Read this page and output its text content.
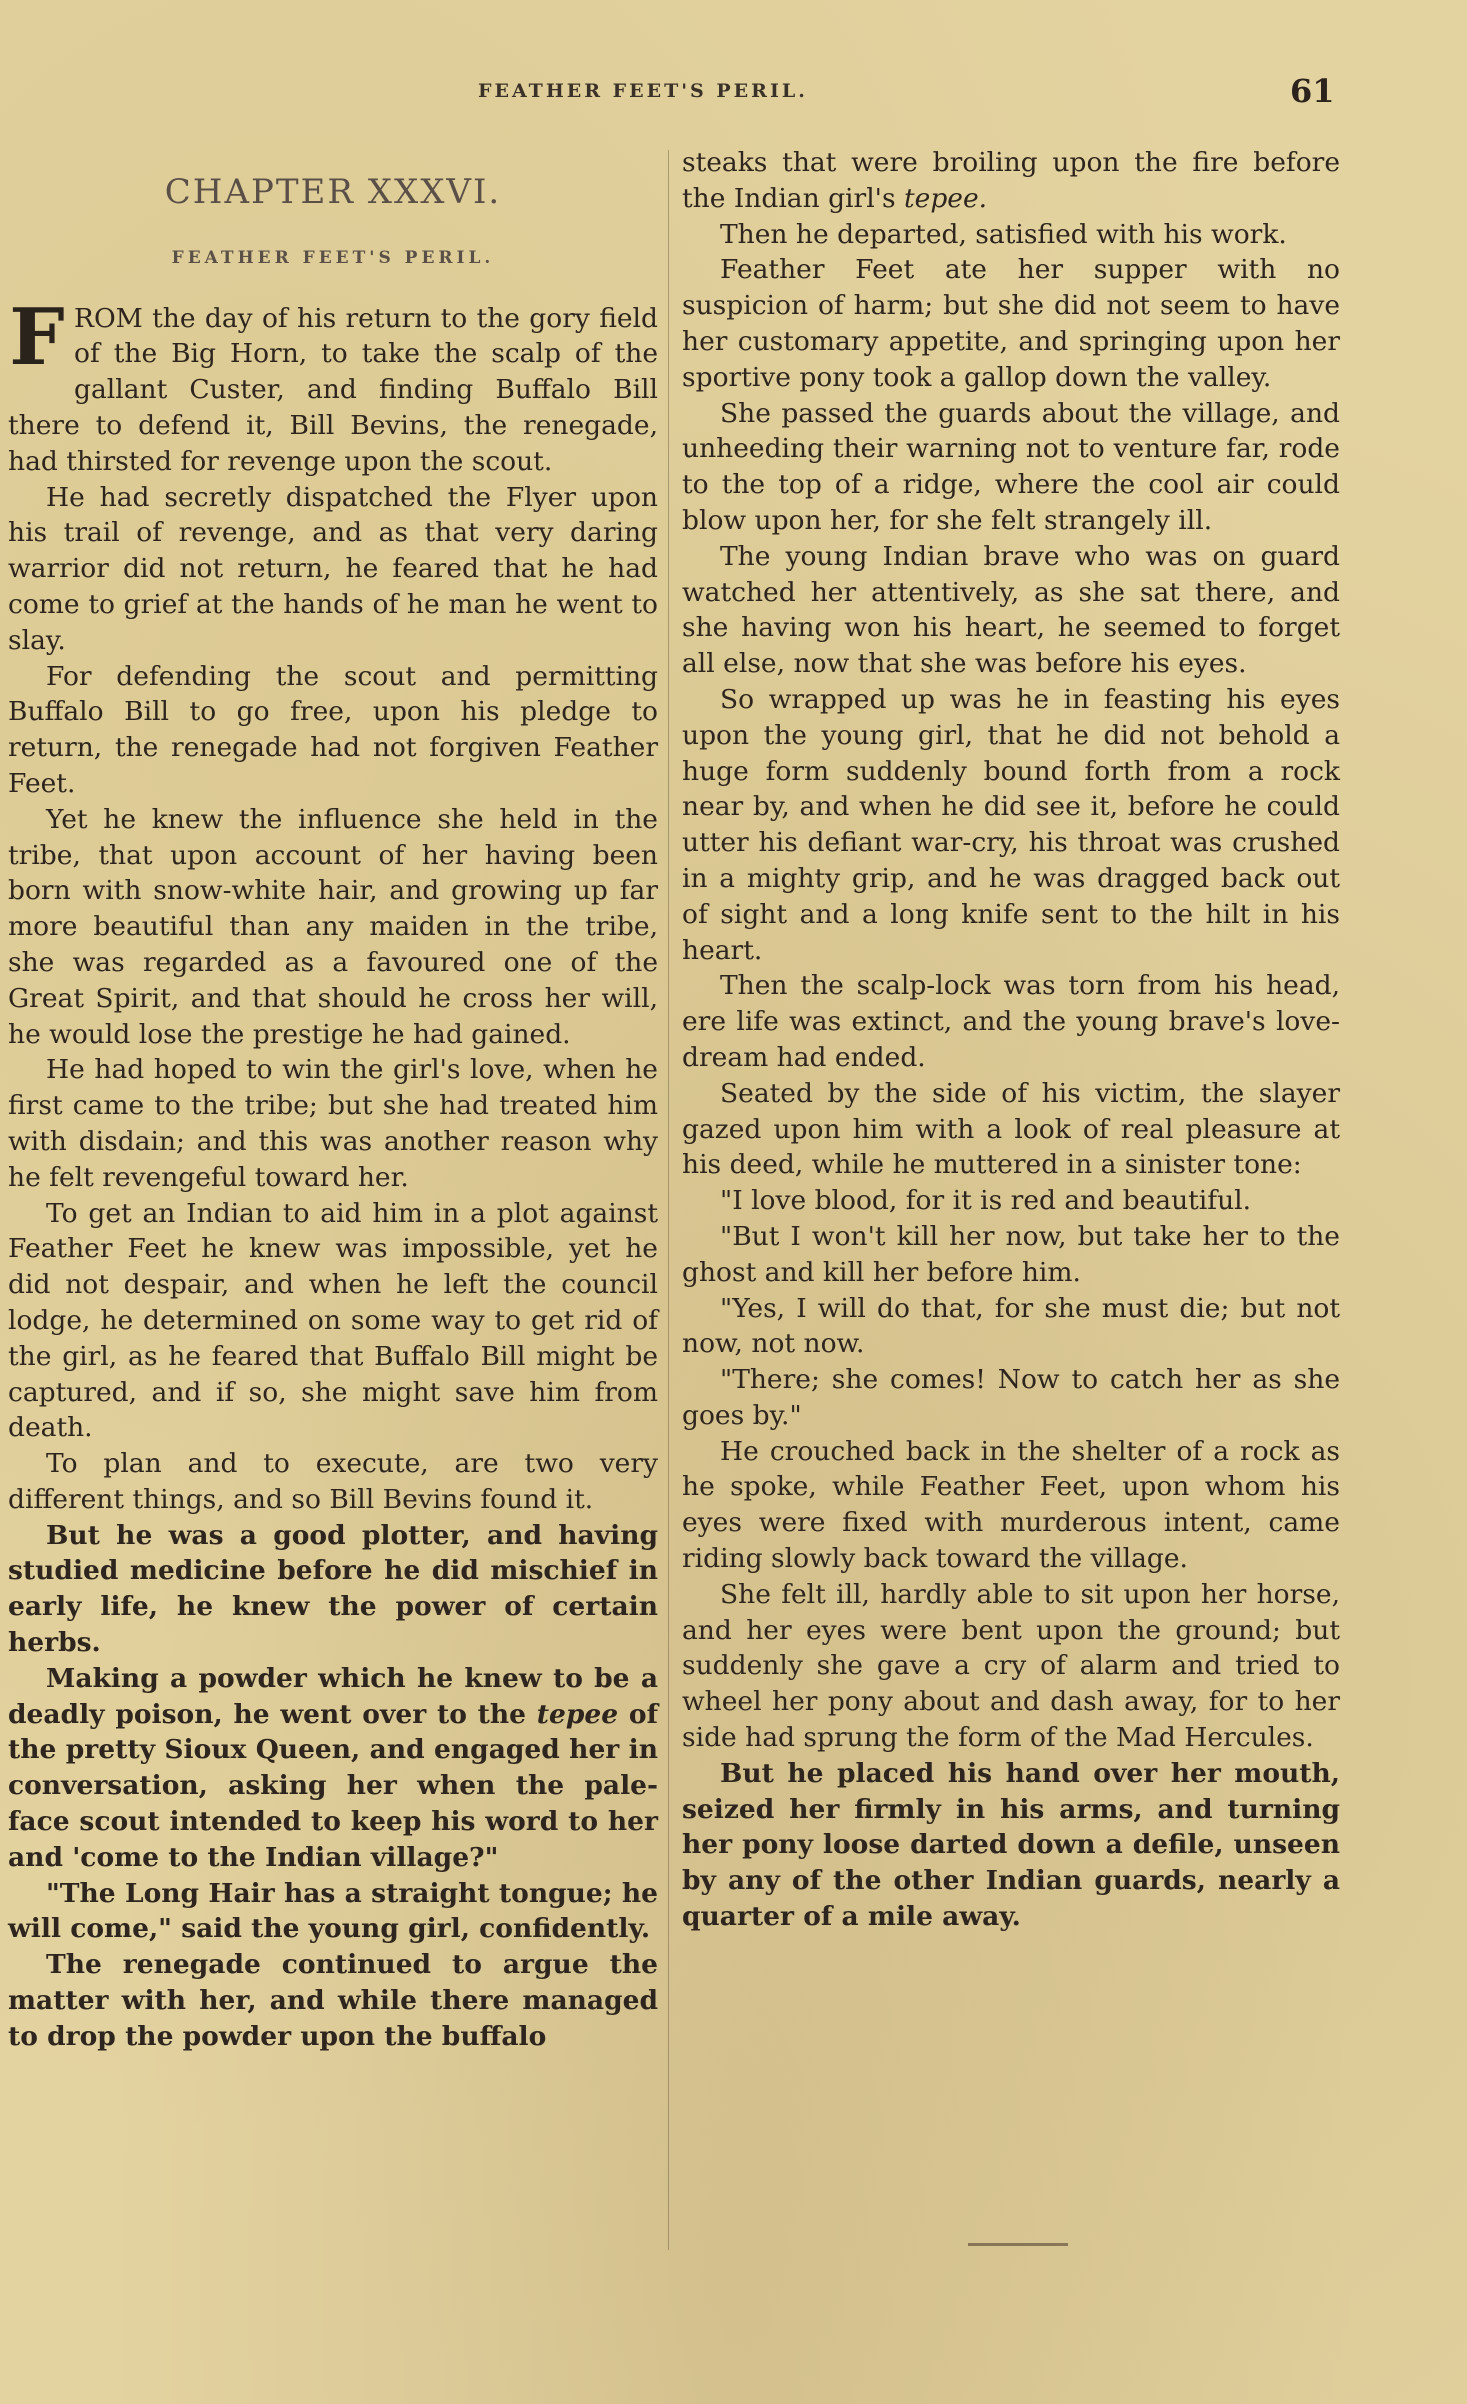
FEATHER FEET'S PERIL.	61
CHAPTER XXXVI.
FEATHER FEET'S PERIL.

FROM the day of his return to the gory field of the Big Horn, to take the scalp of the gallant Custer, and finding Buffalo Bill there to defend it, Bill Bevins, the renegade, had thirsted for revenge upon the scout.

He had secretly dispatched the Flyer upon his trail of revenge, and as that very daring warrior did not return, he feared that he had come to grief at the hands of he man he went to slay.

For defending the scout and permitting Buffalo Bill to go free, upon his pledge to return, the renegade had not forgiven Feather Feet.

Yet he knew the influence she held in the tribe, that upon account of her having been born with snow-white hair, and growing up far more beautiful than any maiden in the tribe, she was regarded as a favoured one of the Great Spirit, and that should he cross her will, he would lose the prestige he had gained.

He had hoped to win the girl's love, when he first came to the tribe; but she had treated him with disdain; and this was another reason why he felt revengeful toward her.

To get an Indian to aid him in a plot against Feather Feet he knew was impossible, yet he did not despair, and when he left the council lodge, he determined on some way to get rid of the girl, as he feared that Buffalo Bill might be captured, and if so, she might save him from death.

To plan and to execute, are two very different things, and so Bill Bevins found it.

But he was a good plotter, and having studied medicine before he did mischief in early life, he knew the power of certain herbs.

Making a powder which he knew to be a deadly poison, he went over to the tepee of the pretty Sioux Queen, and engaged her in conversation, asking her when the pale-face scout intended to keep his word to her and 'come to the Indian village?"

"The Long Hair has a straight tongue; he will come," said the young girl, confidently.

The renegade continued to argue the matter with her, and while there managed to drop the powder upon the buffalo

steaks that were broiling upon the fire before the Indian girl's tepee.

Then he departed, satisfied with his work.

Feather Feet ate her supper with no suspicion of harm; but she did not seem to have her customary appetite, and springing upon her sportive pony took a gallop down the valley.

She passed the guards about the village, and unheeding their warning not to venture far, rode to the top of a ridge, where the cool air could blow upon her, for she felt strangely ill.

The young Indian brave who was on guard watched her attentively, as she sat there, and she having won his heart, he seemed to forget all else, now that she was before his eyes.

So wrapped up was he in feasting his eyes upon the young girl, that he did not behold a huge form suddenly bound forth from a rock near by, and when he did see it, before he could utter his defiant war-cry, his throat was crushed in a mighty grip, and he was dragged back out of sight and a long knife sent to the hilt in his heart.

Then the scalp-lock was torn from his head, ere life was extinct, and the young brave's love-dream had ended.

Seated by the side of his victim, the slayer gazed upon him with a look of real pleasure at his deed, while he muttered in a sinister tone:

"I love blood, for it is red and beautiful.

"But I won't kill her now, but take her to the ghost and kill her before him.

"Yes, I will do that, for she must die; but not now, not now.

"There; she comes! Now to catch her as she goes by."

He crouched back in the shelter of a rock as he spoke, while Feather Feet, upon whom his eyes were fixed with murderous intent, came riding slowly back toward the village.

She felt ill, hardly able to sit upon her horse, and her eyes were bent upon the ground; but suddenly she gave a cry of alarm and tried to wheel her pony about and dash away, for to her side had sprung the form of the Mad Hercules.

But he placed his hand over her mouth, seized her firmly in his arms, and turning her pony loose darted down a defile, unseen by any of the other Indian guards, nearly a quarter of a mile away.
